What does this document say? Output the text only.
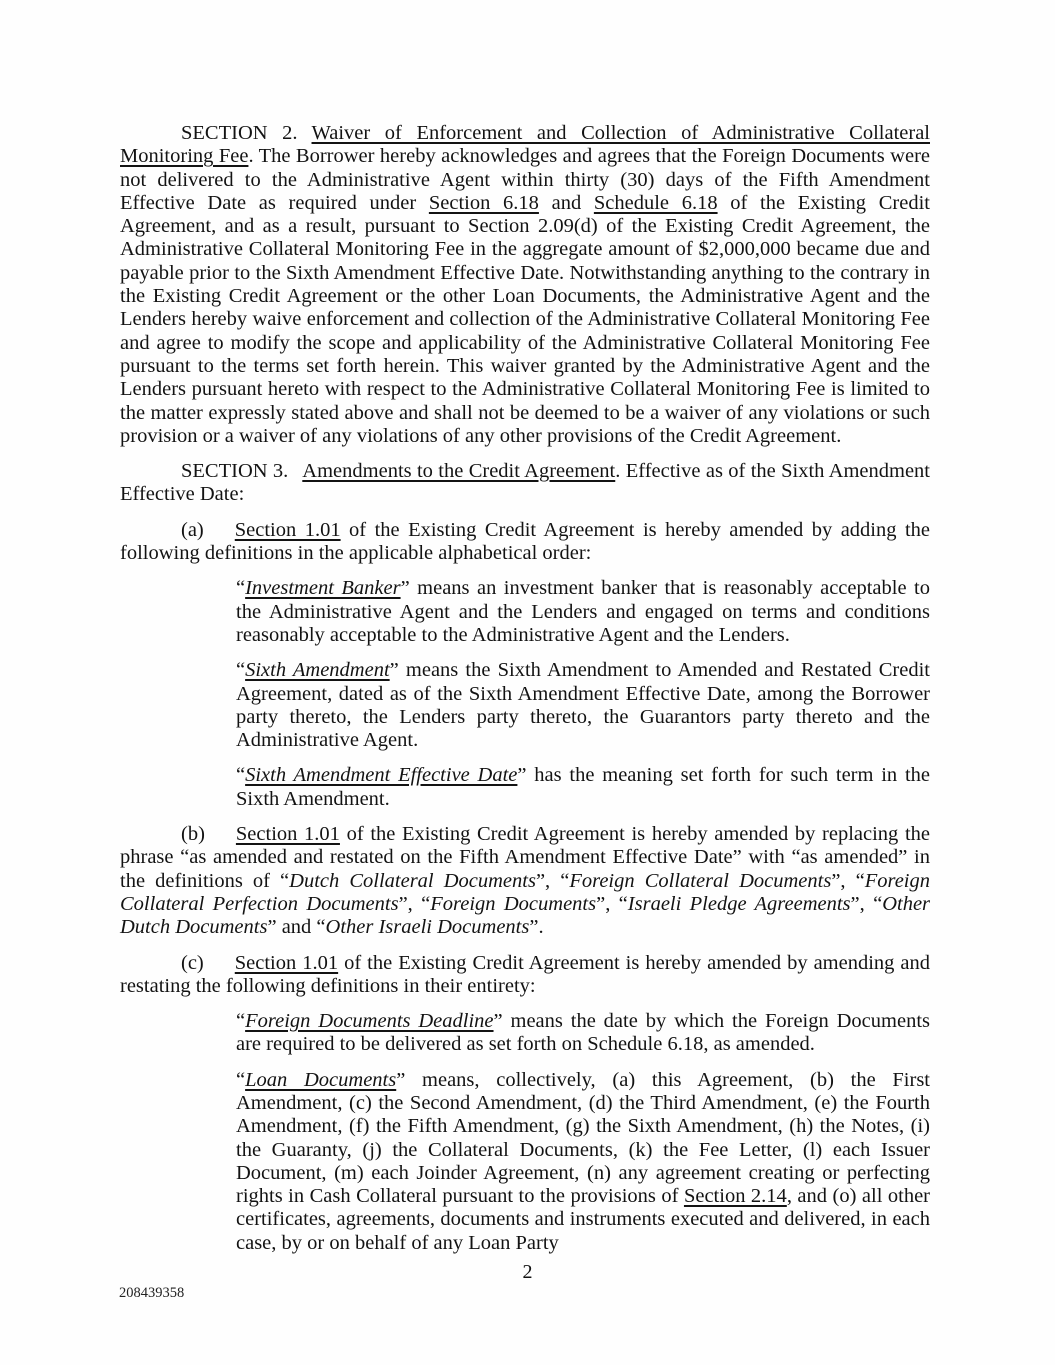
SECTION 2. Waiver of Enforcement and Collection of Administrative Collateral Monitoring Fee. The Borrower hereby acknowledges and agrees that the Foreign Documents were not delivered to the Administrative Agent within thirty (30) days of the Fifth Amendment Effective Date as required under Section 6.18 and Schedule 6.18 of the Existing Credit Agreement, and as a result, pursuant to Section 2.09(d) of the Existing Credit Agreement, the Administrative Collateral Monitoring Fee in the aggregate amount of $2,000,000 became due and payable prior to the Sixth Amendment Effective Date. Notwithstanding anything to the contrary in the Existing Credit Agreement or the other Loan Documents, the Administrative Agent and the Lenders hereby waive enforcement and collection of the Administrative Collateral Monitoring Fee and agree to modify the scope and applicability of the Administrative Collateral Monitoring Fee pursuant to the terms set forth herein. This waiver granted by the Administrative Agent and the Lenders pursuant hereto with respect to the Administrative Collateral Monitoring Fee is limited to the matter expressly stated above and shall not be deemed to be a waiver of any violations or such provision or a waiver of any violations of any other provisions of the Credit Agreement.
SECTION 3. Amendments to the Credit Agreement. Effective as of the Sixth Amendment Effective Date:
(a) Section 1.01 of the Existing Credit Agreement is hereby amended by adding the following definitions in the applicable alphabetical order:
“Investment Banker” means an investment banker that is reasonably acceptable to the Administrative Agent and the Lenders and engaged on terms and conditions reasonably acceptable to the Administrative Agent and the Lenders.
“Sixth Amendment” means the Sixth Amendment to Amended and Restated Credit Agreement, dated as of the Sixth Amendment Effective Date, among the Borrower party thereto, the Lenders party thereto, the Guarantors party thereto and the Administrative Agent.
“Sixth Amendment Effective Date” has the meaning set forth for such term in the Sixth Amendment.
(b) Section 1.01 of the Existing Credit Agreement is hereby amended by replacing the phrase “as amended and restated on the Fifth Amendment Effective Date” with “as amended” in the definitions of “Dutch Collateral Documents”, “Foreign Collateral Documents”, “Foreign Collateral Perfection Documents”, “Foreign Documents”, “Israeli Pledge Agreements”, “Other Dutch Documents” and “Other Israeli Documents”.
(c) Section 1.01 of the Existing Credit Agreement is hereby amended by amending and restating the following definitions in their entirety:
“Foreign Documents Deadline” means the date by which the Foreign Documents are required to be delivered as set forth on Schedule 6.18, as amended.
“Loan Documents” means, collectively, (a) this Agreement, (b) the First Amendment, (c) the Second Amendment, (d) the Third Amendment, (e) the Fourth Amendment, (f) the Fifth Amendment, (g) the Sixth Amendment, (h) the Notes, (i) the Guaranty, (j) the Collateral Documents, (k) the Fee Letter, (l) each Issuer Document, (m) each Joinder Agreement, (n) any agreement creating or perfecting rights in Cash Collateral pursuant to the provisions of Section 2.14, and (o) all other certificates, agreements, documents and instruments executed and delivered, in each case, by or on behalf of any Loan Party
2
208439358
